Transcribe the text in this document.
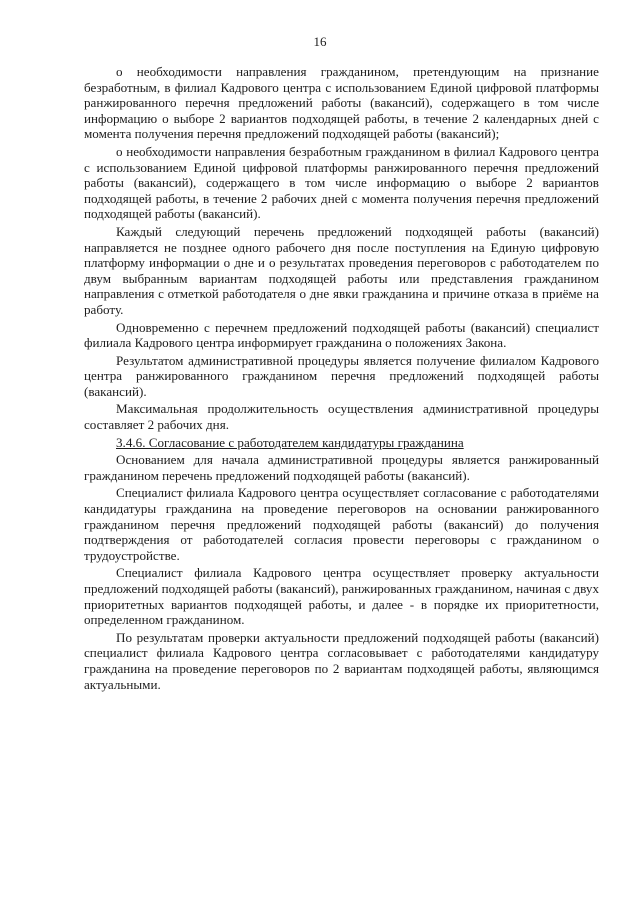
16

о необходимости направления гражданином, претендующим на признание безработным, в филиал Кадрового центра с использованием Единой цифровой платформы ранжированного перечня предложений работы (вакансий), содержащего в том числе информацию о выборе 2 вариантов подходящей работы, в течение 2 календарных дней с момента получения перечня предложений подходящей работы (вакансий);

о необходимости направления безработным гражданином в филиал Кадрового центра с использованием Единой цифровой платформы ранжированного перечня предложений работы (вакансий), содержащего в том числе информацию о выборе 2 вариантов подходящей работы, в течение 2 рабочих дней с момента получения перечня предложений подходящей работы (вакансий).

Каждый следующий перечень предложений подходящей работы (вакансий) направляется не позднее одного рабочего дня после поступления на Единую цифровую платформу информации о дне и о результатах проведения переговоров с работодателем по двум выбранным вариантам подходящей работы или представления гражданином направления с отметкой работодателя о дне явки гражданина и причине отказа в приёме на работу.

Одновременно с перечнем предложений подходящей работы (вакансий) специалист филиала Кадрового центра информирует гражданина о положениях Закона.

Результатом административной процедуры является получение филиалом Кадрового центра ранжированного гражданином перечня предложений подходящей работы (вакансий).

Максимальная продолжительность осуществления административной процедуры составляет 2 рабочих дня.

3.4.6. Согласование с работодателем кандидатуры гражданина

Основанием для начала административной процедуры является ранжированный гражданином перечень предложений подходящей работы (вакансий).

Специалист филиала Кадрового центра осуществляет согласование с работодателями кандидатуры гражданина на проведение переговоров на основании ранжированного гражданином перечня предложений подходящей работы (вакансий) до получения подтверждения от работодателей согласия провести переговоры с гражданином о трудоустройстве.

Специалист филиала Кадрового центра осуществляет проверку актуальности предложений подходящей работы (вакансий), ранжированных гражданином, начиная с двух приоритетных вариантов подходящей работы, и далее - в порядке их приоритетности, определенном гражданином.

По результатам проверки актуальности предложений подходящей работы (вакансий) специалист филиала Кадрового центра согласовывает с работодателями кандидатуру гражданина на проведение переговоров по 2 вариантам подходящей работы, являющимся актуальными.
